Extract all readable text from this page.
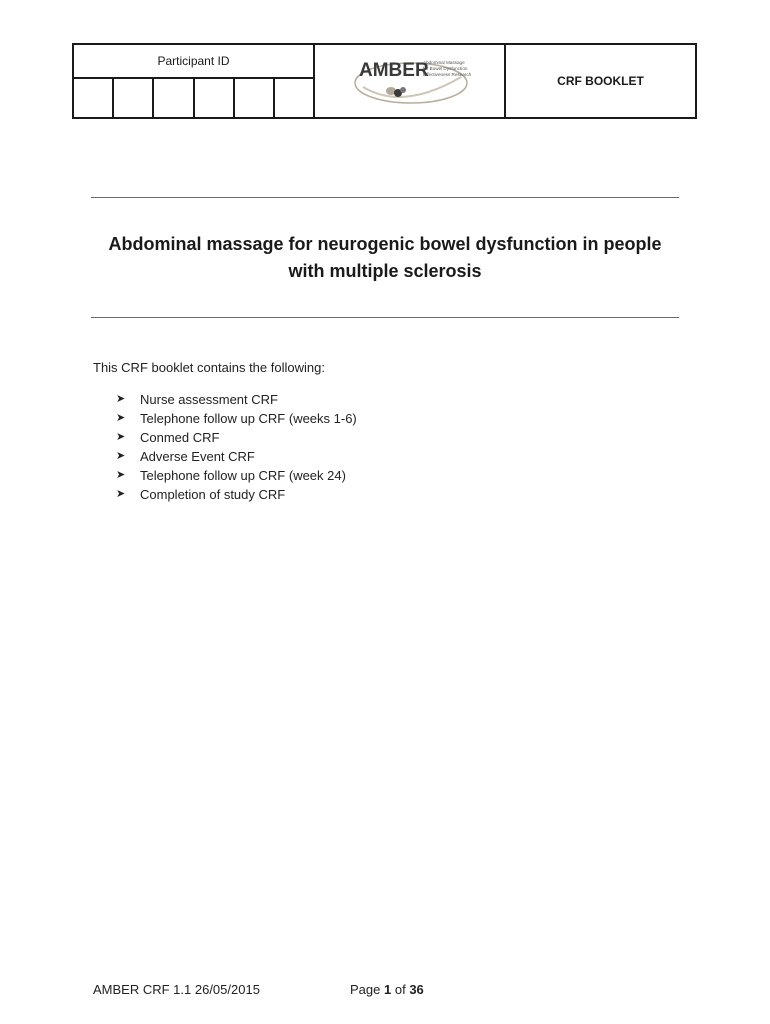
Participant ID	AMBER
Abdominal Massage
for Bowel Dysfunction
Effectiveness Research	CRF BOOKLET
Abdominal massage for neurogenic bowel dysfunction in people
with multiple sclerosis
This CRF booklet contains the following:
➤	Nurse assessment CRF
➤	Telephone follow up CRF (weeks 1-6)
➤	Conmed CRF
➤	Adverse Event CRF
➤	Telephone follow up CRF (week 24)
➤	Completion of study CRF
AMBER CRF 1.1 26/05/2015	Page 1 of 36
